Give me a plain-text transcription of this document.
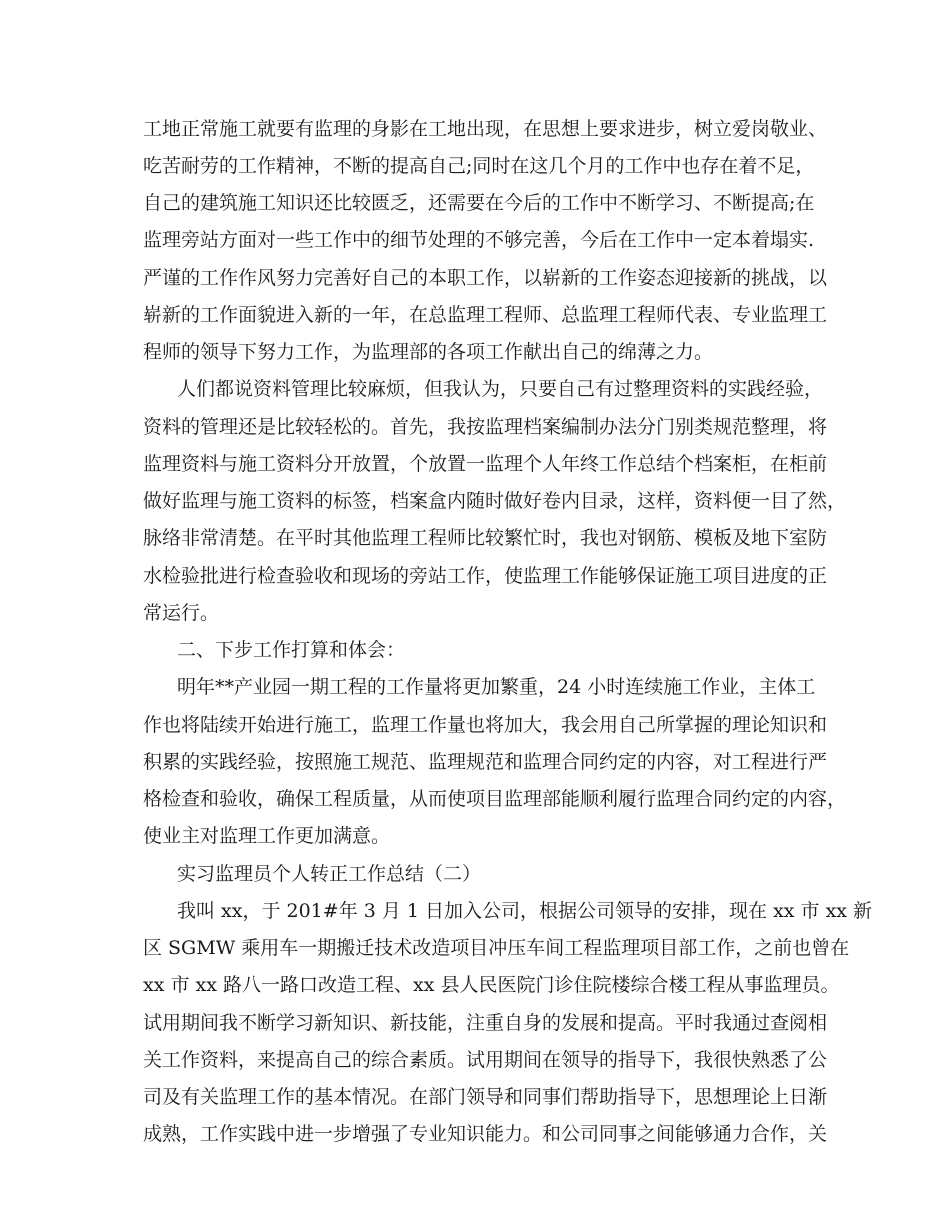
工地正常施工就要有监理的身影在工地出现，在思想上要求进步，树立爱岗敬业、
吃苦耐劳的工作精神，不断的提高自己;同时在这几个月的工作中也存在着不足，
自己的建筑施工知识还比较匮乏，还需要在今后的工作中不断学习、不断提高;在
监理旁站方面对一些工作中的细节处理的不够完善，今后在工作中一定本着塌实.
严谨的工作作风努力完善好自己的本职工作，以崭新的工作姿态迎接新的挑战，以
崭新的工作面貌进入新的一年，在总监理工程师、总监理工程师代表、专业监理工
程师的领导下努力工作，为监理部的各项工作献出自己的绵薄之力。
人们都说资料管理比较麻烦，但我认为，只要自己有过整理资料的实践经验，
资料的管理还是比较轻松的。首先，我按监理档案编制办法分门别类规范整理，将
监理资料与施工资料分开放置，个放置一监理个人年终工作总结个档案柜，在柜前
做好监理与施工资料的标签，档案盒内随时做好卷内目录，这样，资料便一目了然，
脉络非常清楚。在平时其他监理工程师比较繁忙时，我也对钢筋、模板及地下室防
水检验批进行检查验收和现场的旁站工作，使监理工作能够保证施工项目进度的正
常运行。
二、下步工作打算和体会：
明年**产业园一期工程的工作量将更加繁重，24 小时连续施工作业，主体工
作也将陆续开始进行施工，监理工作量也将加大，我会用自己所掌握的理论知识和
积累的实践经验，按照施工规范、监理规范和监理合同约定的内容，对工程进行严
格检查和验收，确保工程质量，从而使项目监理部能顺利履行监理合同约定的内容，
使业主对监理工作更加满意。
实习监理员个人转正工作总结（二）
我叫 xx，于 201#年 3 月 1 日加入公司，根据公司领导的安排，现在 xx 市 xx 新
区 SGMW 乘用车一期搬迁技术改造项目冲压车间工程监理项目部工作，之前也曾在
xx 市 xx 路八一路口改造工程、xx 县人民医院门诊住院楼综合楼工程从事监理员。
试用期间我不断学习新知识、新技能，注重自身的发展和提高。平时我通过查阅相
关工作资料，来提高自己的综合素质。试用期间在领导的指导下，我很快熟悉了公
司及有关监理工作的基本情况。在部门领导和同事们帮助指导下，思想理论上日渐
成熟，工作实践中进一步增强了专业知识能力。和公司同事之间能够通力合作，关
